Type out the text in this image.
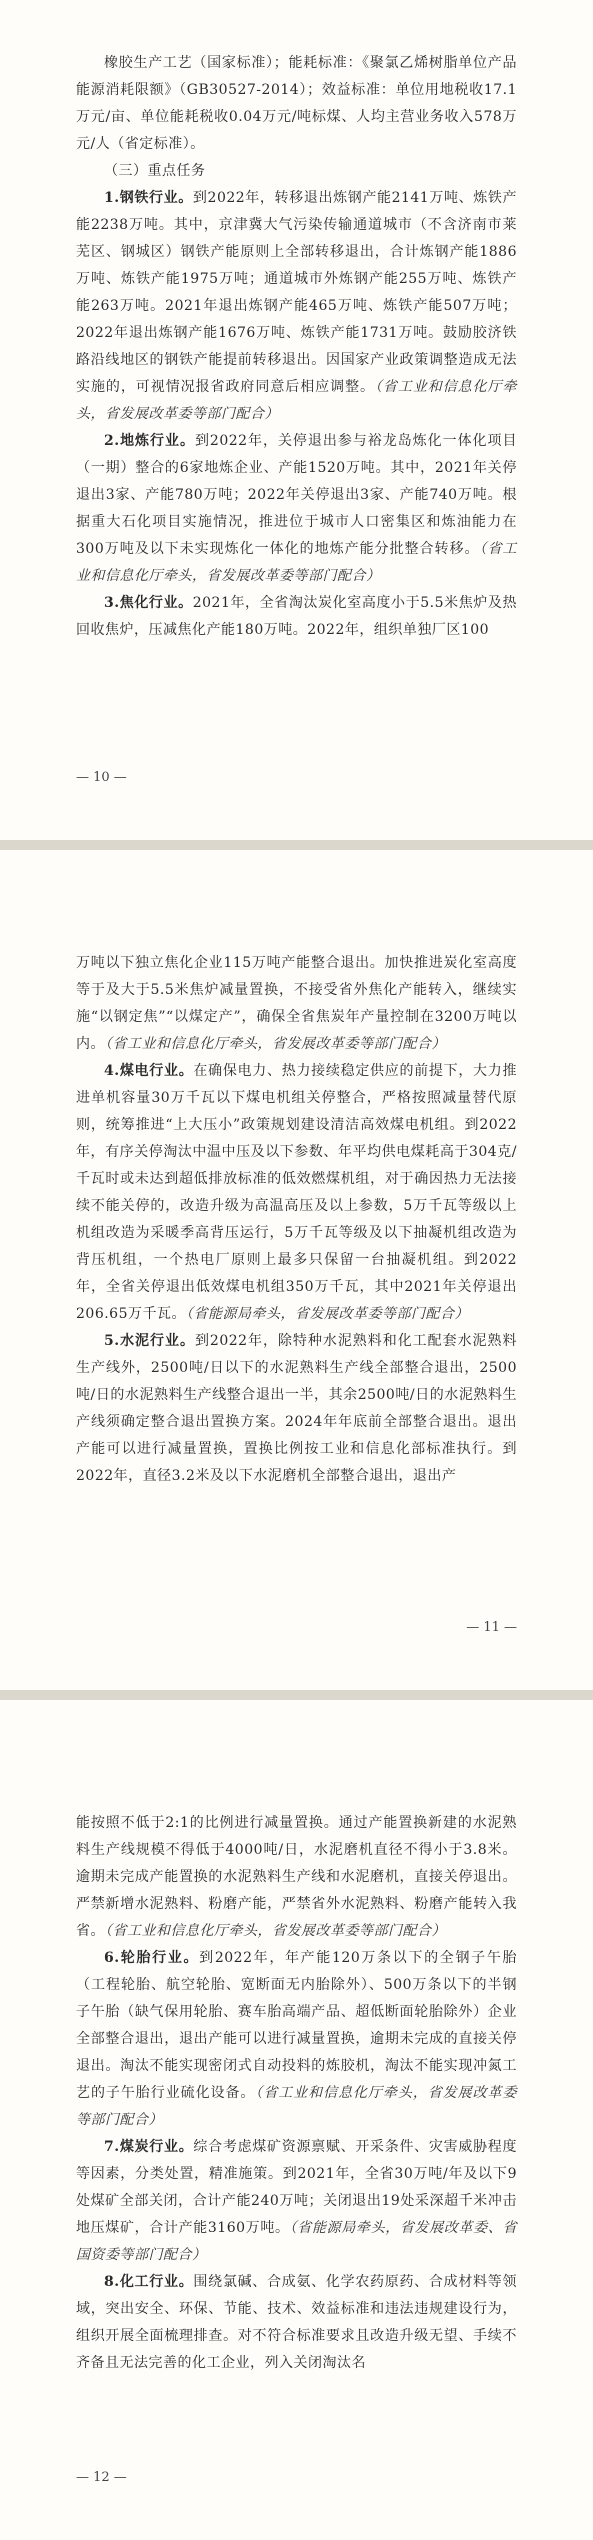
橡胶生产工艺（国家标准）；能耗标准：《聚氯乙烯树脂单位产品能源消耗限额》（GB30527-2014）；效益标准：单位用地税收17.1万元/亩、单位能耗税收0.04万元/吨标煤、人均主营业务收入578万元/人（省定标准）。

（三）重点任务

1.钢铁行业。到2022年，转移退出炼钢产能2141万吨、炼铁产能2238万吨。其中，京津冀大气污染传输通道城市（不含济南市莱芜区、钢城区）钢铁产能原则上全部转移退出，合计炼钢产能1886万吨、炼铁产能1975万吨；通道城市外炼钢产能255万吨、炼铁产能263万吨。2021年退出炼钢产能465万吨、炼铁产能507万吨；2022年退出炼钢产能1676万吨、炼铁产能1731万吨。鼓励胶济铁路沿线地区的钢铁产能提前转移退出。因国家产业政策调整造成无法实施的，可视情况报省政府同意后相应调整。（省工业和信息化厅牵头，省发展改革委等部门配合）

2.地炼行业。到2022年，关停退出参与裕龙岛炼化一体化项目（一期）整合的6家地炼企业、产能1520万吨。其中，2021年关停退出3家、产能780万吨；2022年关停退出3家、产能740万吨。根据重大石化项目实施情况，推进位于城市人口密集区和炼油能力在300万吨及以下未实现炼化一体化的地炼产能分批整合转移。（省工业和信息化厅牵头，省发展改革委等部门配合）

3.焦化行业。2021年，全省淘汰炭化室高度小于5.5米焦炉及热回收焦炉，压减焦化产能180万吨。2022年，组织单独厂区100

— 10 —

万吨以下独立焦化企业115万吨产能整合退出。加快推进炭化室高度等于及大于5.5米焦炉减量置换，不接受省外焦化产能转入，继续实施“以钢定焦”“以煤定产”，确保全省焦炭年产量控制在3200万吨以内。（省工业和信息化厅牵头，省发展改革委等部门配合）

4.煤电行业。在确保电力、热力接续稳定供应的前提下，大力推进单机容量30万千瓦以下煤电机组关停整合，严格按照减量替代原则，统筹推进“上大压小”政策规划建设清洁高效煤电机组。到2022年，有序关停淘汰中温中压及以下参数、年平均供电煤耗高于304克/千瓦时或未达到超低排放标准的低效燃煤机组，对于确因热力无法接续不能关停的，改造升级为高温高压及以上参数，5万千瓦等级以上机组改造为采暖季高背压运行，5万千瓦等级及以下抽凝机组改造为背压机组，一个热电厂原则上最多只保留一台抽凝机组。到2022年，全省关停退出低效煤电机组350万千瓦，其中2021年关停退出206.65万千瓦。（省能源局牵头，省发展改革委等部门配合）

5.水泥行业。到2022年，除特种水泥熟料和化工配套水泥熟料生产线外，2500吨/日以下的水泥熟料生产线全部整合退出，2500吨/日的水泥熟料生产线整合退出一半，其余2500吨/日的水泥熟料生产线须确定整合退出置换方案。2024年年底前全部整合退出。退出产能可以进行减量置换，置换比例按工业和信息化部标准执行。到2022年，直径3.2米及以下水泥磨机全部整合退出，退出产

— 11 —

能按照不低于2:1的比例进行减量置换。通过产能置换新建的水泥熟料生产线规模不得低于4000吨/日，水泥磨机直径不得小于3.8米。逾期未完成产能置换的水泥熟料生产线和水泥磨机，直接关停退出。严禁新增水泥熟料、粉磨产能，严禁省外水泥熟料、粉磨产能转入我省。（省工业和信息化厅牵头，省发展改革委等部门配合）

6.轮胎行业。到2022年，年产能120万条以下的全钢子午胎（工程轮胎、航空轮胎、宽断面无内胎除外）、500万条以下的半钢子午胎（缺气保用轮胎、赛车胎高端产品、超低断面轮胎除外）企业全部整合退出，退出产能可以进行减量置换，逾期未完成的直接关停退出。淘汰不能实现密闭式自动投料的炼胶机，淘汰不能实现冲氮工艺的子午胎行业硫化设备。（省工业和信息化厅牵头，省发展改革委等部门配合）

7.煤炭行业。综合考虑煤矿资源禀赋、开采条件、灾害威胁程度等因素，分类处置，精准施策。到2021年，全省30万吨/年及以下9处煤矿全部关闭，合计产能240万吨；关闭退出19处采深超千米冲击地压煤矿，合计产能3160万吨。（省能源局牵头，省发展改革委、省国资委等部门配合）

8.化工行业。围绕氯碱、合成氨、化学农药原药、合成材料等领域，突出安全、环保、节能、技术、效益标准和违法违规建设行为，组织开展全面梳理排查。对不符合标准要求且改造升级无望、手续不齐备且无法完善的化工企业，列入关闭淘汰名

— 12 —
